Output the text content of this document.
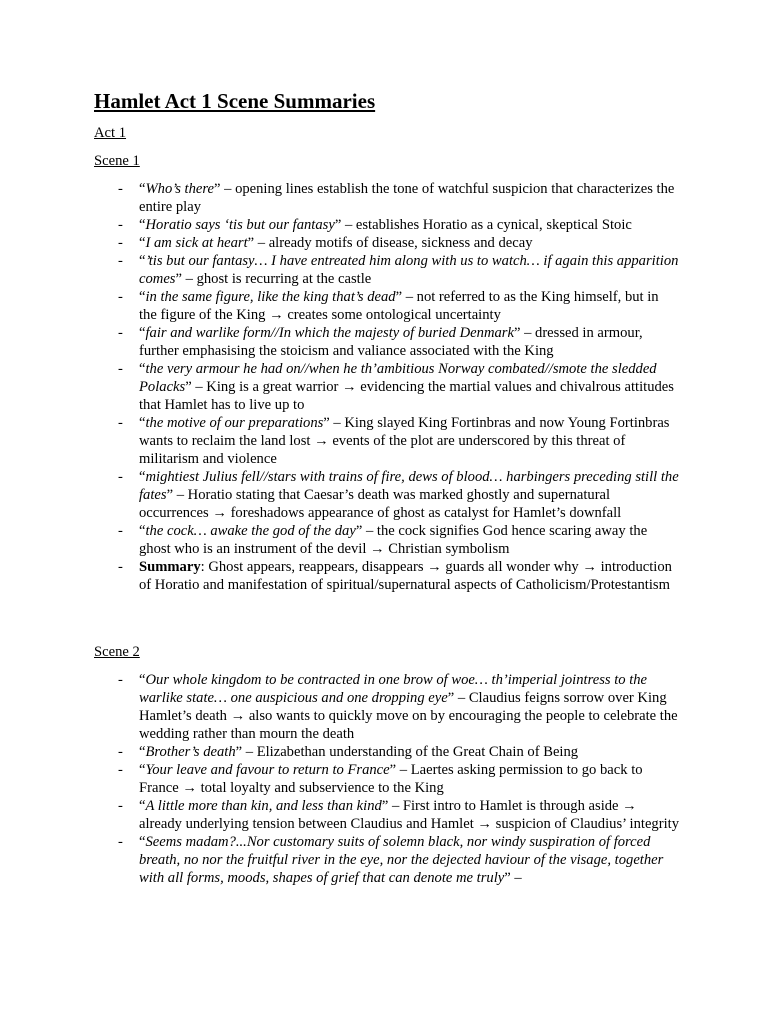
Hamlet Act 1 Scene Summaries

Act 1

Scene 1

- “Who’s there” – opening lines establish the tone of watchful suspicion that characterizes the entire play
- “Horatio says ‘tis but our fantasy” – establishes Horatio as a cynical, skeptical Stoic
- “I am sick at heart” – already motifs of disease, sickness and decay
- “’tis but our fantasy… I have entreated him along with us to watch… if again this apparition comes” – ghost is recurring at the castle
- “in the same figure, like the king that’s dead” – not referred to as the King himself, but in the figure of the King → creates some ontological uncertainty
- “fair and warlike form//In which the majesty of buried Denmark” – dressed in armour, further emphasising the stoicism and valiance associated with the King
- “the very armour he had on//when he th’ambitious Norway combated//smote the sledded Polacks” – King is a great warrior → evidencing the martial values and chivalrous attitudes that Hamlet has to live up to
- “the motive of our preparations” – King slayed King Fortinbras and now Young Fortinbras wants to reclaim the land lost → events of the plot are underscored by this threat of militarism and violence
- “mightiest Julius fell//stars with trains of fire, dews of blood… harbingers preceding still the fates” – Horatio stating that Caesar’s death was marked ghostly and supernatural occurrences → foreshadows appearance of ghost as catalyst for Hamlet’s downfall
- “the cock… awake the god of the day” – the cock signifies God hence scaring away the ghost who is an instrument of the devil → Christian symbolism
- Summary: Ghost appears, reappears, disappears → guards all wonder why → introduction of Horatio and manifestation of spiritual/supernatural aspects of Catholicism/Protestantism

Scene 2

- “Our whole kingdom to be contracted in one brow of woe… th’imperial jointress to the warlike state… one auspicious and one dropping eye” – Claudius feigns sorrow over King Hamlet’s death → also wants to quickly move on by encouraging the people to celebrate the wedding rather than mourn the death
- “Brother’s death” – Elizabethan understanding of the Great Chain of Being
- “Your leave and favour to return to France” – Laertes asking permission to go back to France → total loyalty and subservience to the King
- “A little more than kin, and less than kind” – First intro to Hamlet is through aside → already underlying tension between Claudius and Hamlet → suspicion of Claudius’ integrity
- “Seems madam?...Nor customary suits of solemn black, nor windy suspiration of forced breath, no nor the fruitful river in the eye, nor the dejected haviour of the visage, together with all forms, moods, shapes of grief that can denote me truly” –
